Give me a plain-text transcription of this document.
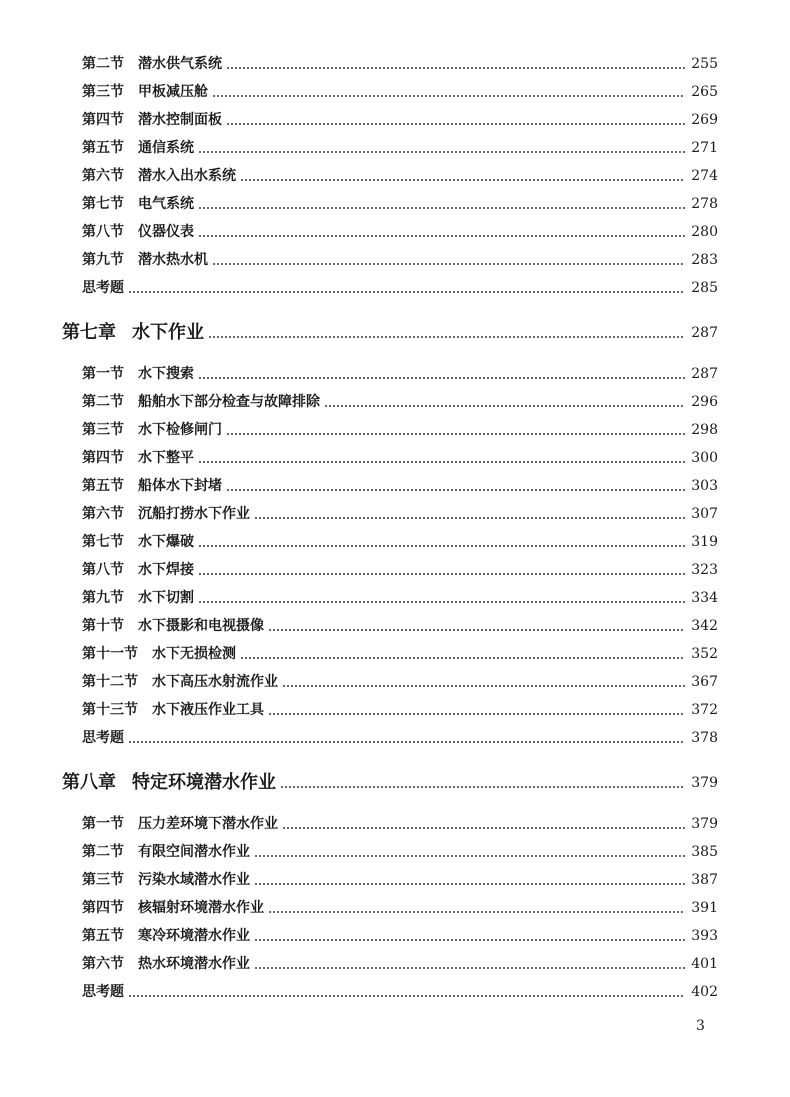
第二节 潜水供气系统	255
第三节 甲板减压舱	265
第四节 潜水控制面板	269
第五节 通信系统	271
第六节 潜水入出水系统	274
第七节 电气系统	278
第八节 仪器仪表	280
第九节 潜水热水机	283
思考题	285
第七章 水下作业	287
第一节 水下搜索	287
第二节 船舶水下部分检查与故障排除	296
第三节 水下检修闸门	298
第四节 水下整平	300
第五节 船体水下封堵	303
第六节 沉船打捞水下作业	307
第七节 水下爆破	319
第八节 水下焊接	323
第九节 水下切割	334
第十节 水下摄影和电视摄像	342
第十一节 水下无损检测	352
第十二节 水下高压水射流作业	367
第十三节 水下液压作业工具	372
思考题	378
第八章 特定环境潜水作业	379
第一节 压力差环境下潜水作业	379
第二节 有限空间潜水作业	385
第三节 污染水域潜水作业	387
第四节 核辐射环境潜水作业	391
第五节 寒冷环境潜水作业	393
第六节 热水环境潜水作业	401
思考题	402
3
